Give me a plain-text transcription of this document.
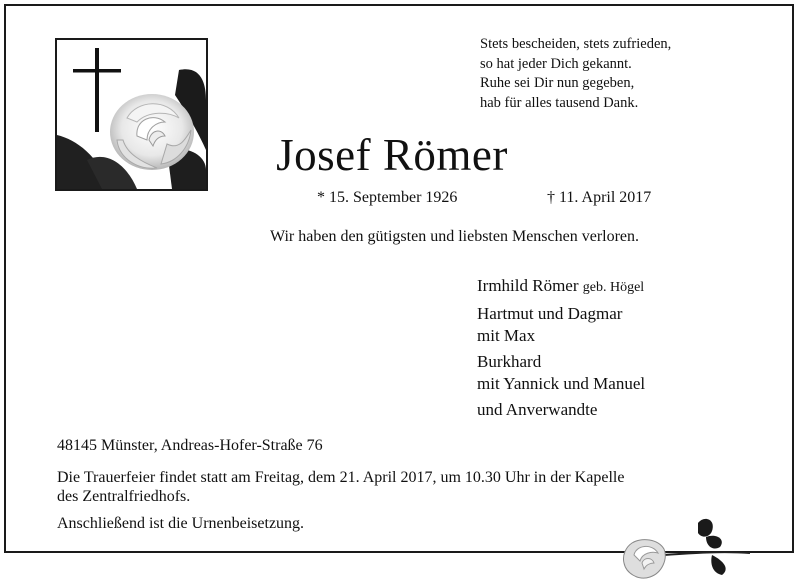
Stets bescheiden, stets zufrieden,
so hat jeder Dich gekannt.
Ruhe sei Dir nun gegeben,
hab für alles tausend Dank.
Josef Römer
* 15. September 1926	† 11. April 2017
Wir haben den gütigsten und liebsten Menschen verloren.
Irmhild Römer geb. Högel
Hartmut und Dagmar
mit Max
Burkhard
mit Yannick und Manuel
und Anverwandte
48145 Münster, Andreas-Hofer-Straße 76
Die Trauerfeier findet statt am Freitag, dem 21. April 2017, um 10.30 Uhr in der Kapelle
des Zentralfriedhofs.
Anschließend ist die Urnenbeisetzung.
